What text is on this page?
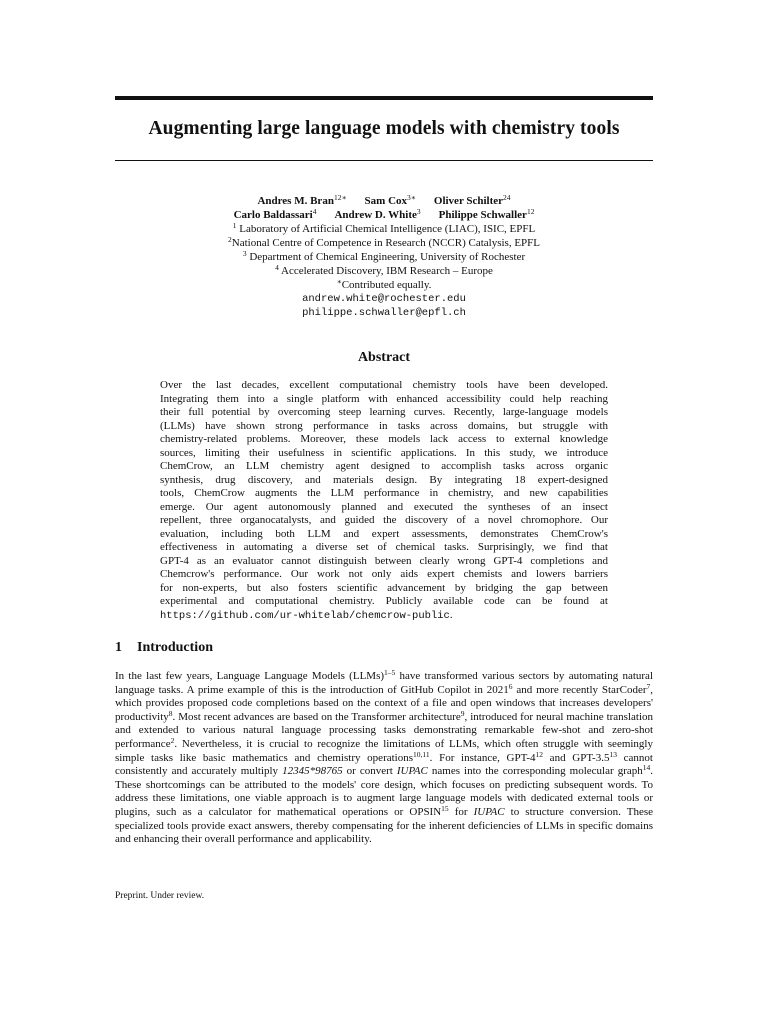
Augmenting large language models with chemistry tools
Andres M. Bran$^{12∗}$ Sam Cox$^{3∗}$ Oliver Schilter$^{24}$
Carlo Baldassari$^4$ Andrew D. White$^3$ Philippe Schwaller$^{12}$
$^1$ Laboratory of Artificial Chemical Intelligence (LIAC), ISIC, EPFL
$^2$National Centre of Competence in Research (NCCR) Catalysis, EPFL
$^3$ Department of Chemical Engineering, University of Rochester
$^4$ Accelerated Discovery, IBM Research – Europe
∗Contributed equally.
andrew.white@rochester.edu
philippe.schwaller@epfl.ch
Abstract
Over the last decades, excellent computational chemistry tools have been developed.
Integrating them into a single platform with enhanced accessibility could help reaching
their full potential by overcoming steep learning curves. Recently, large-language models
(LLMs) have shown strong performance in tasks across domains, but struggle with
chemistry-related problems. Moreover, these models lack access to external knowledge
sources, limiting their usefulness in scientific applications. In this study, we introduce
ChemCrow, an LLM chemistry agent designed to accomplish tasks across organic
synthesis, drug discovery, and materials design. By integrating 18 expert-designed
tools, ChemCrow augments the LLM performance in chemistry, and new capabilities
emerge. Our agent autonomously planned and executed the syntheses of an insect
repellent, three organocatalysts, and guided the discovery of a novel chromophore. Our
evaluation, including both LLM and expert assessments, demonstrates ChemCrow's
effectiveness in automating a diverse set of chemical tasks. Surprisingly, we find that
GPT-4 as an evaluator cannot distinguish between clearly wrong GPT-4 completions and
Chemcrow's performance. Our work not only aids expert chemists and lowers barriers
for non-experts, but also fosters scientific advancement by bridging the gap between
experimental and computational chemistry. Publicly available code can be found at
https://github.com/ur-whitelab/chemcrow-public.
1 Introduction
In the last few years, Language Language Models (LLMs)$^{1-5}$ have transformed various sectors by automating natural language tasks. A prime example of this is the introduction of GitHub Copilot in 2021$^6$ and more recently StarCoder$^7$, which provides proposed code completions based on the context of a file and open windows that increases developers' productivity$^8$. Most recent advances are based on the Transformer architecture$^9$, introduced for neural machine translation and extended to various natural language processing tasks demonstrating remarkable few-shot and zero-shot performance$^2$. Nevertheless, it is crucial to recognize the limitations of LLMs, which often struggle with seemingly simple tasks like basic mathematics and chemistry operations$^{10,11}$. For instance, GPT-$4^{12}$ and GPT-$3.5^{13}$ cannot consistently and accurately multiply 12345*98765 or convert IUPAC names into the corresponding molecular graph$^{14}$. These shortcomings can be attributed to the models' core design, which focuses on predicting subsequent words. To address these limitations, one viable approach is to augment large language models with dedicated external tools or plugins, such as a calculator for mathematical operations or OPSIN$^{15}$ for IUPAC to structure conversion. These specialized tools provide exact answers, thereby compensating for the inherent deficiencies of LLMs in specific domains and enhancing their overall performance and applicability.
Preprint. Under review.
